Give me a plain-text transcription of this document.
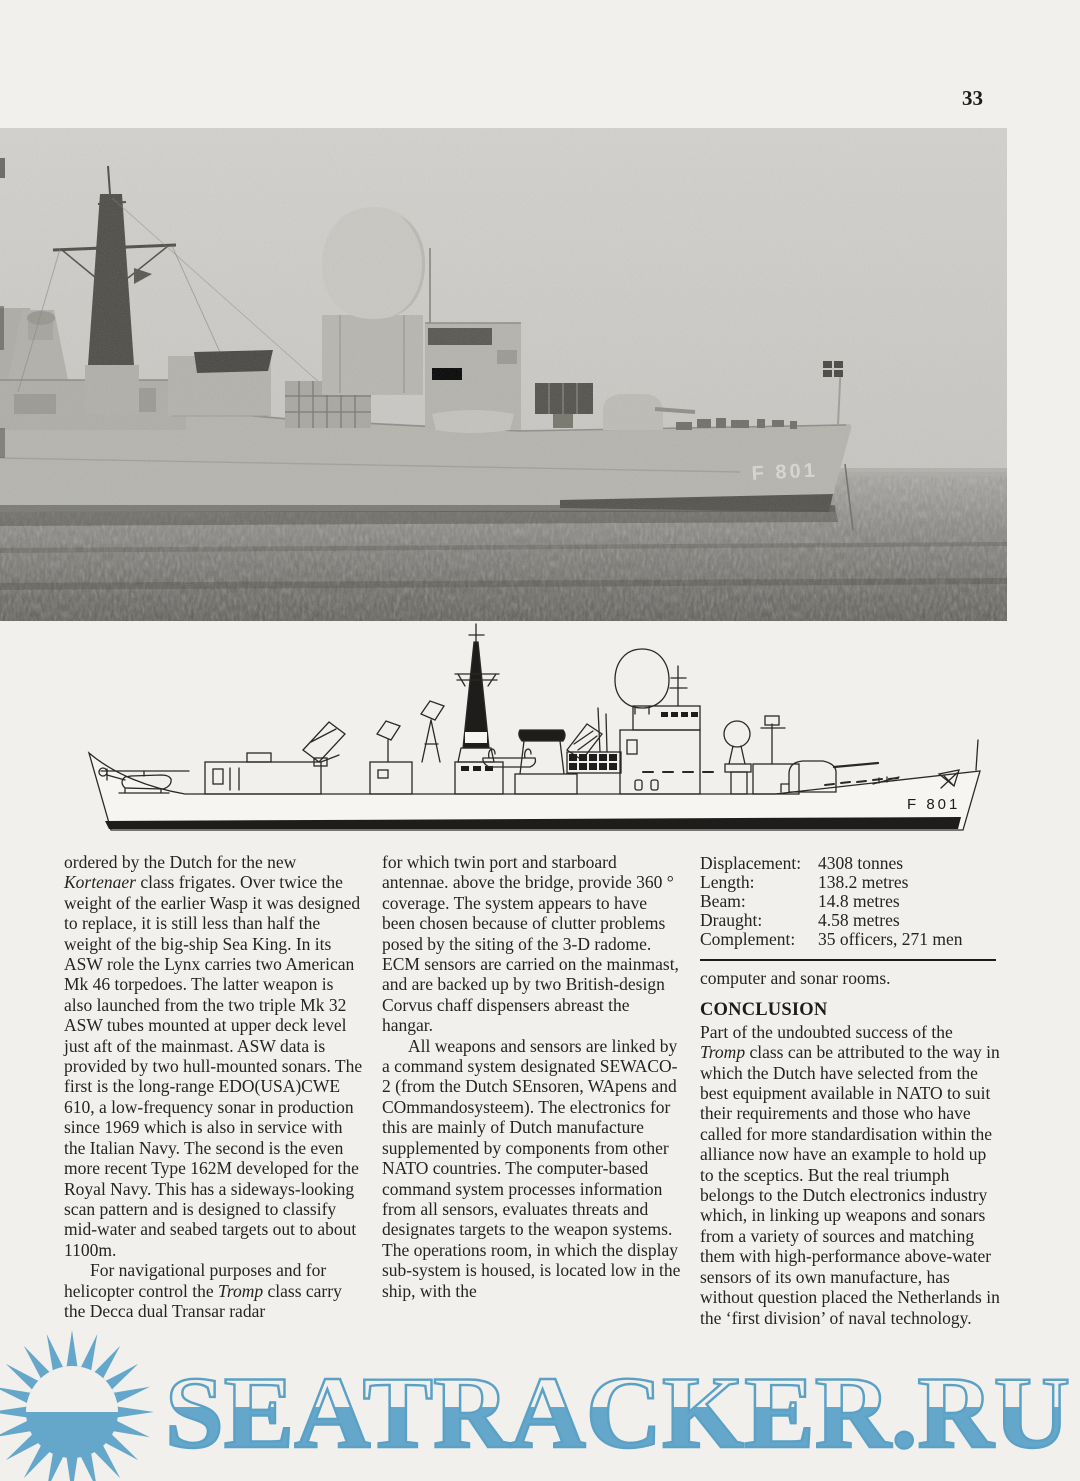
33
F 801
F 801
SEATRACKER.RU

ordered by the Dutch for the new Kortenaer class frigates. Over twice the weight of the earlier Wasp it was designed to replace, it is still less than half the weight of the big-ship Sea King. In its ASW role the Lynx carries two American Mk 46 torpedoes. The latter weapon is also launched from the two triple Mk 32 ASW tubes mounted at upper deck level just aft of the mainmast. ASW data is provided by two hull-mounted sonars. The first is the long-range EDO(USA)CWE 610, a low-frequency sonar in production since 1969 which is also in service with the Italian Navy. The second is the even more recent Type 162M developed for the Royal Navy. This has a sideways-looking scan pattern and is designed to classify mid-water and seabed targets out to about 1100m.

For navigational purposes and for helicopter control the Tromp class carry the Decca dual Transar radar

for which twin port and starboard antennae. above the bridge, provide 360 ° coverage. The system appears to have been chosen because of clutter problems posed by the siting of the 3-D radome. ECM sensors are carried on the mainmast, and are backed up by two British-design Corvus chaff dispensers abreast the hangar.

All weapons and sensors are linked by a command system designated SEWACO-2 (from the Dutch SEnsoren, WApens and COmmandosysteem). The electronics for this are mainly of Dutch manufacture supplemented by components from other NATO countries. The computer-based command system processes information from all sensors, evaluates threats and designates targets to the weapon systems. The operations room, in which the display sub-system is housed, is located low in the ship, with the

Displacement: 4308 tonnes
Length:	138.2 metres
Beam:	14.8 metres
Draught:	4.58 metres
Complement:	35 officers, 271 men

computer and sonar rooms.

CONCLUSION

Part of the undoubted success of the Tromp class can be attributed to the way in which the Dutch have selected from the best equipment available in NATO to suit their requirements and those who have called for more standardisation within the alliance now have an example to hold up to the sceptics. But the real triumph belongs to the Dutch electronics industry which, in linking up weapons and sonars from a variety of sources and matching them with high-performance above-water sensors of its own manufacture, has without question placed the Netherlands in the ‘first division’ of naval technology.
